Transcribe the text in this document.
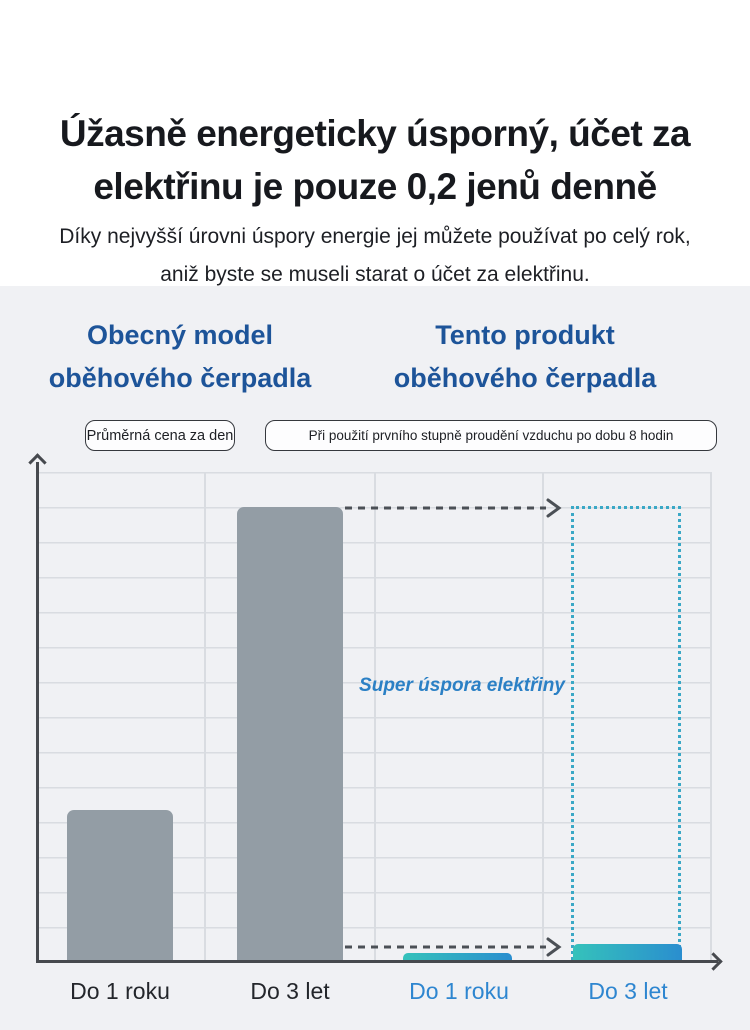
Úžasně energeticky úsporný, účet za
elektřinu je pouze 0,2 jenů denně

Díky nejvyšší úrovni úspory energie jej můžete používat po celý rok, aniž byste se museli starat o účet za elektřinu.

Obecný model
oběhového čerpadla
Tento produkt
oběhového čerpadla
Průměrná cena za den	Při použití prvního stupně proudění vzduchu po dobu 8 hodin
Super úspora elektřiny
Do 1 roku	Do 3 let	Do 1 roku	Do 3 let
